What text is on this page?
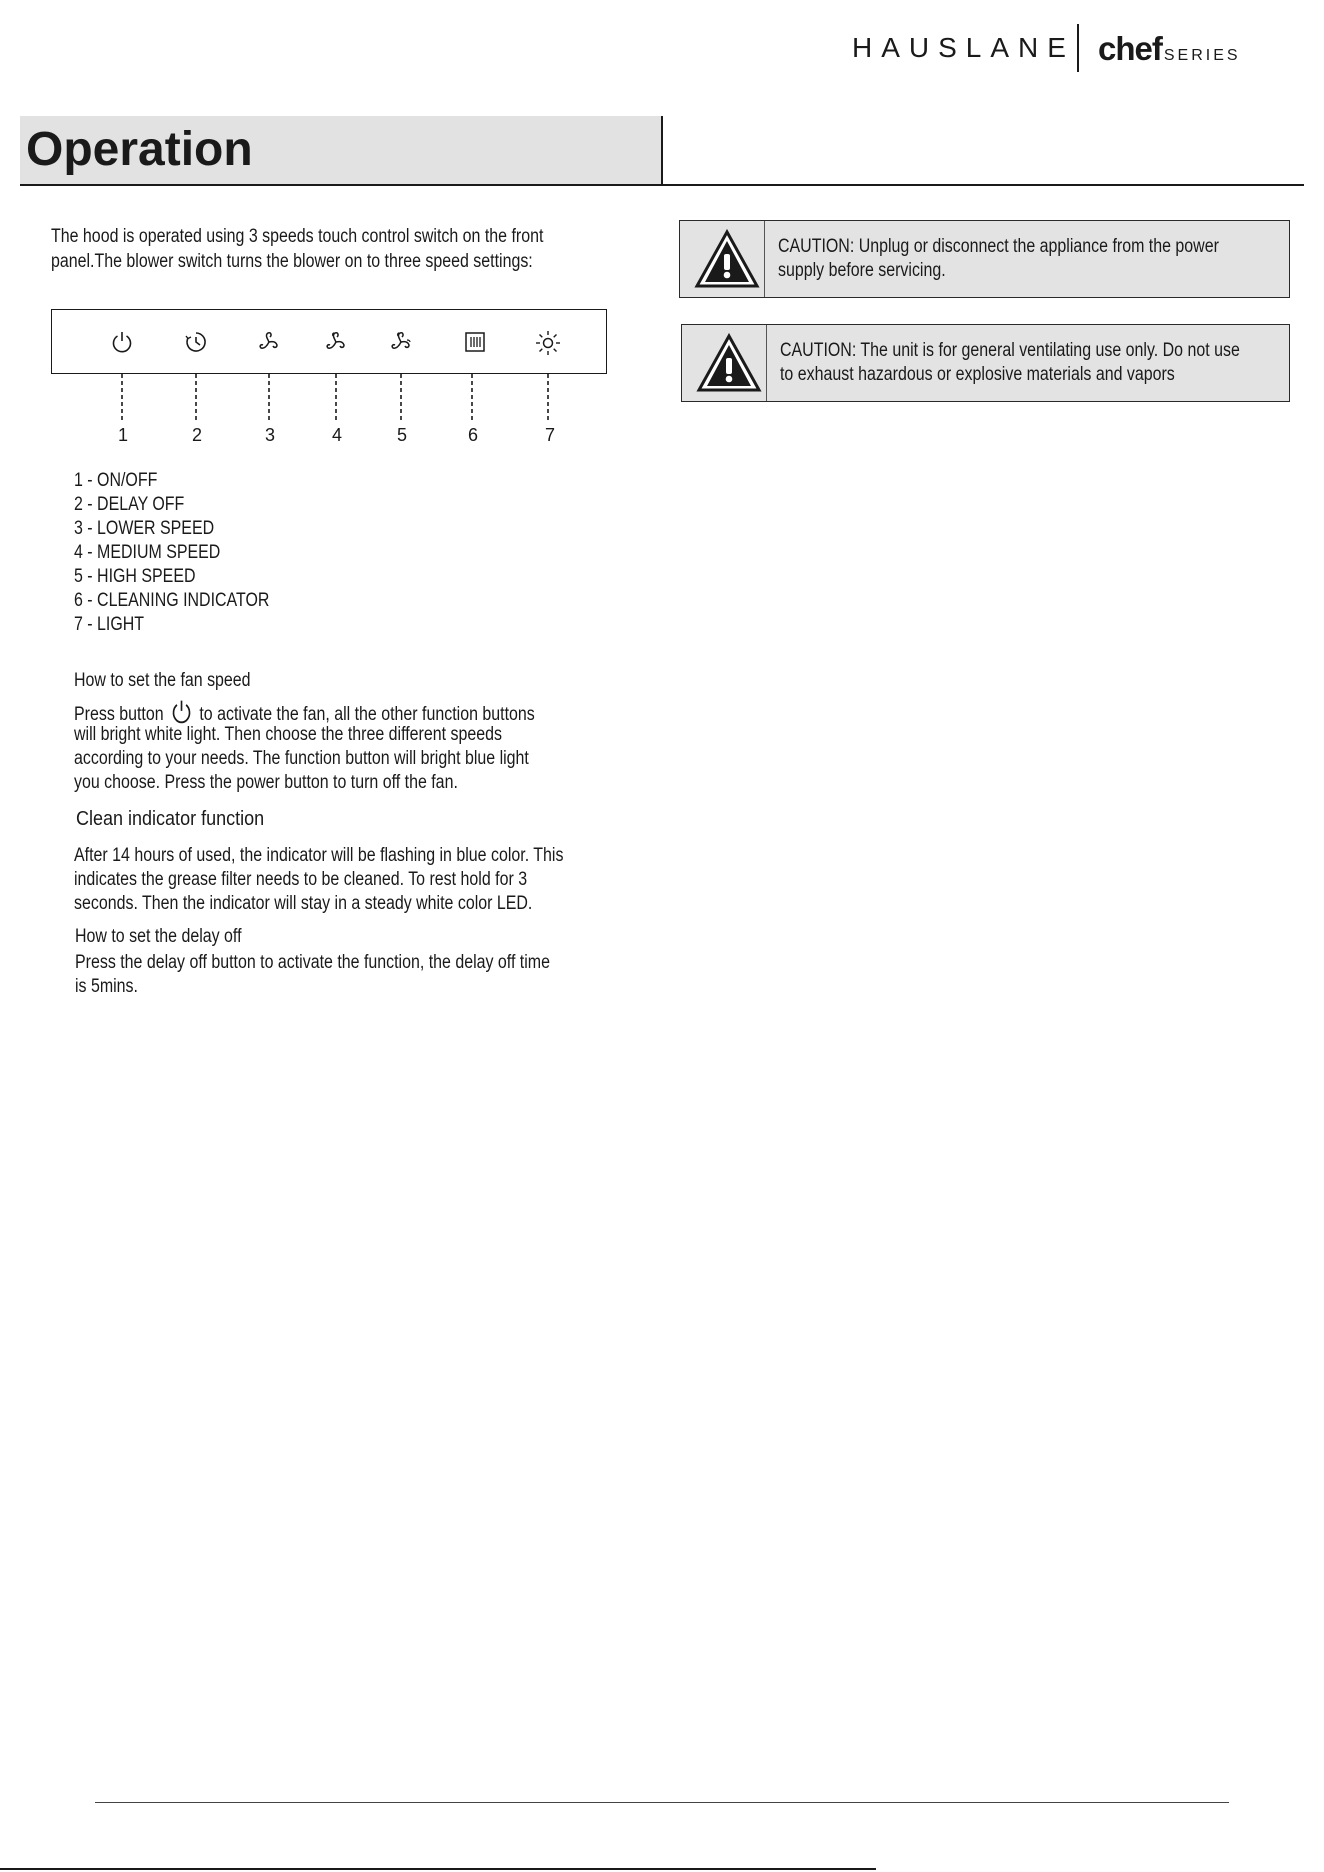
HAUSLANE chef SERIES
Operation
The hood is operated using 3 speeds touch control switch on the front
panel.The blower switch turns the blower on to three speed settings:
1	2	3	4	5	6	7
1 - ON/OFF
2 - DELAY OFF
3 - LOWER SPEED
4 - MEDIUM SPEED
5 - HIGH SPEED
6 - CLEANING INDICATOR
7 - LIGHT
How to set the fan speed
Press button to activate the fan, all the other function buttons
will bright white light. Then choose the three different speeds
according to your needs. The function button will bright blue light
you choose. Press the power button to turn off the fan.
Clean indicator function
After 14 hours of used, the indicator will be flashing in blue color. This
indicates the grease filter needs to be cleaned. To rest hold for 3
seconds. Then the indicator will stay in a steady white color LED.
How to set the delay off
Press the delay off button to activate the function, the delay off time
is 5mins.
CAUTION: Unplug or disconnect the appliance from the power
supply before servicing.
CAUTION: The unit is for general ventilating use only. Do not use
to exhaust hazardous or explosive materials and vapors
